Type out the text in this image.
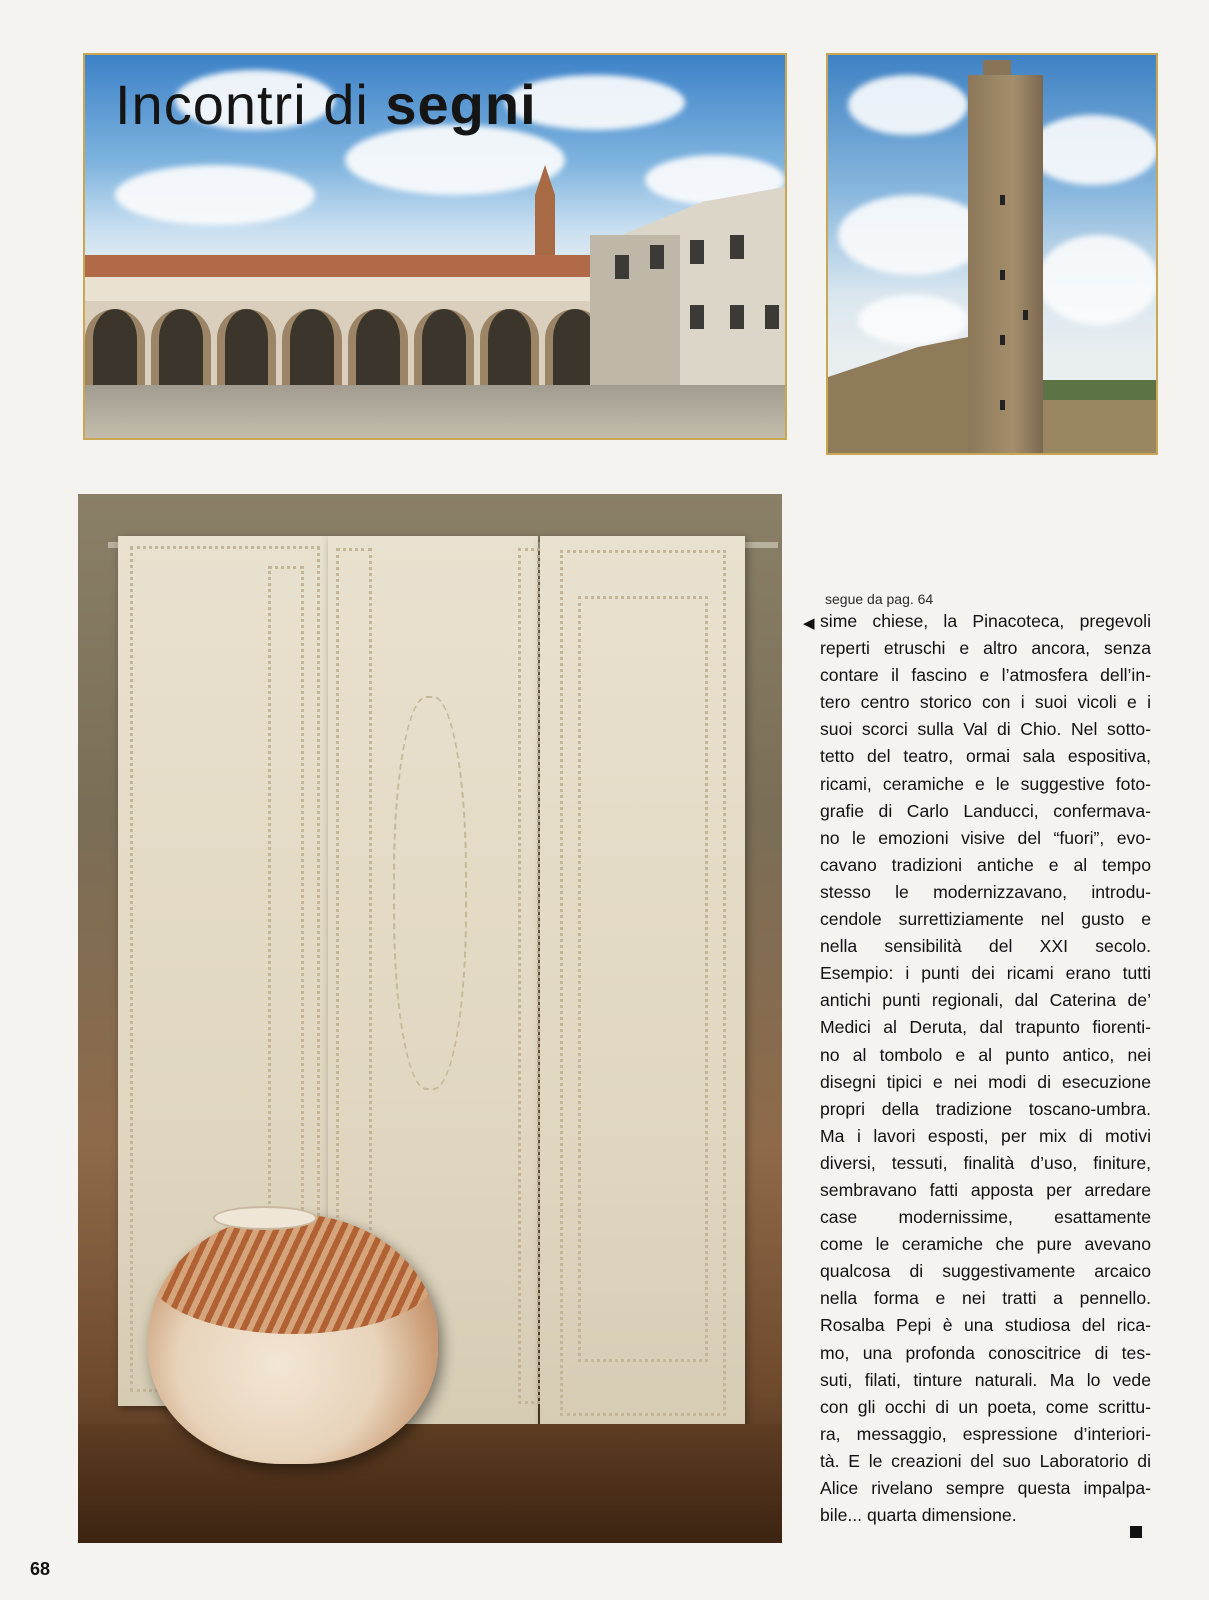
Incontri di segni
segue da pag. 64
◀ sime chiese, la Pinacoteca, pregevoli
reperti etruschi e altro ancora, senza
contare il fascino e l’atmosfera dell’in-
tero centro storico con i suoi vicoli e i
suoi scorci sulla Val di Chio. Nel sotto-
tetto del teatro, ormai sala espositiva,
ricami, ceramiche e le suggestive foto-
grafie di Carlo Landucci, confermava-
no le emozioni visive del “fuori”, evo-
cavano tradizioni antiche e al tempo
stesso le modernizzavano, introdu-
cendole surrettiziamente nel gusto e
nella sensibilità del XXI secolo.
Esempio: i punti dei ricami erano tutti
antichi punti regionali, dal Caterina de’
Medici al Deruta, dal trapunto fiorenti-
no al tombolo e al punto antico, nei
disegni tipici e nei modi di esecuzione
propri della tradizione toscano-umbra.
Ma i lavori esposti, per mix di motivi
diversi, tessuti, finalità d’uso, finiture,
sembravano fatti apposta per arredare
case modernissime, esattamente
come le ceramiche che pure avevano
qualcosa di suggestivamente arcaico
nella forma e nei tratti a pennello.
Rosalba Pepi è una studiosa del rica-
mo, una profonda conoscitrice di tes-
suti, filati, tinture naturali. Ma lo vede
con gli occhi di un poeta, come scrittu-
ra, messaggio, espressione d’interiori-
tà. E le creazioni del suo Laboratorio di
Alice rivelano sempre questa impalpa-
bile... quarta dimensione.
68
